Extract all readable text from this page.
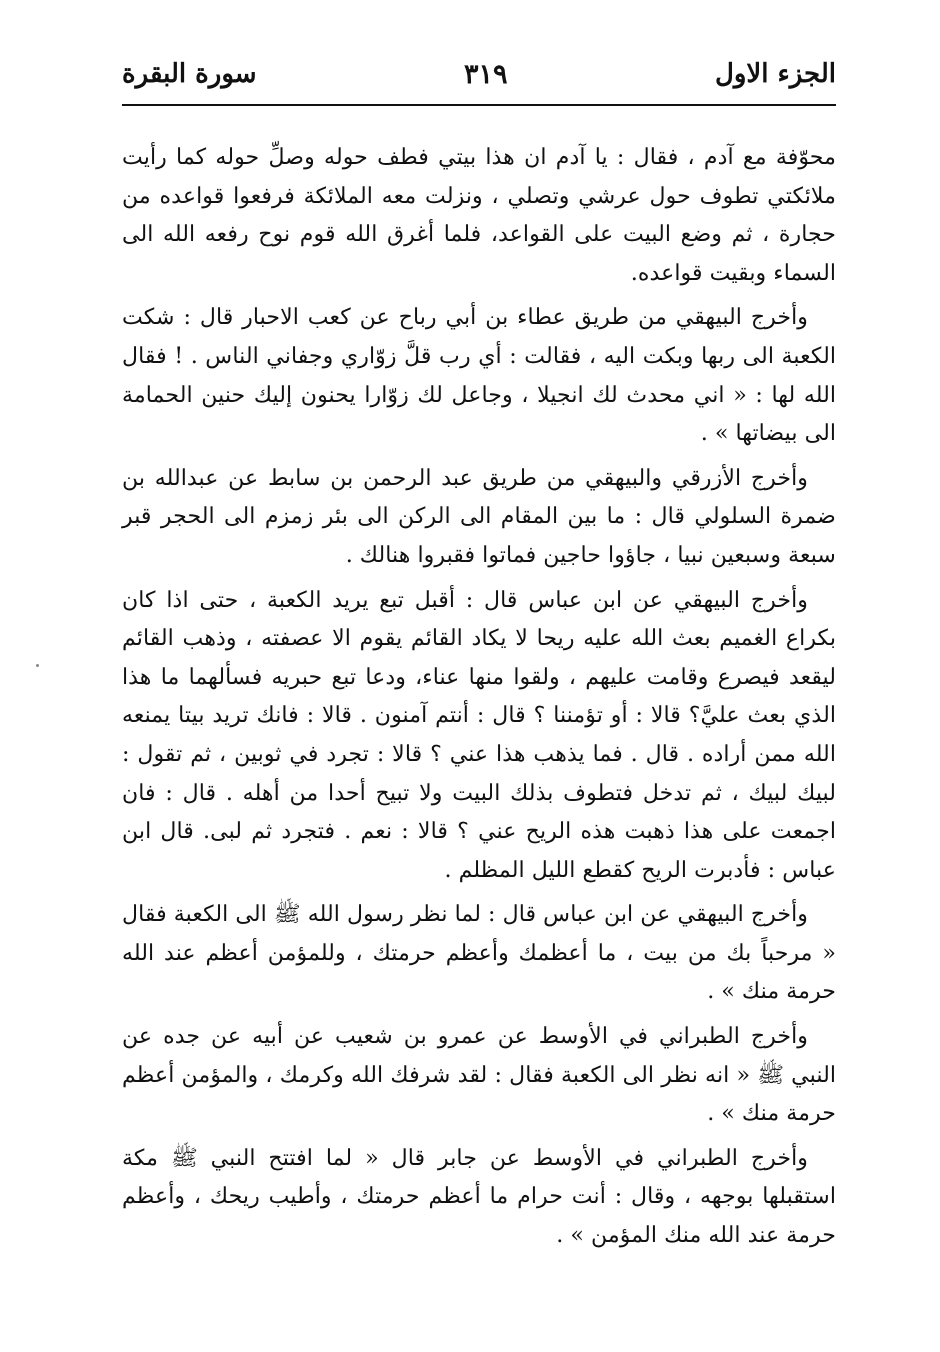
الجزء الاول
٣١٩
سورة البقرة

محوّفة مع آدم ، فقال : يا آدم ان هذا بيتي فطف حوله وصلِّ حوله كما رأيت ملائكتي تطوف حول عرشي وتصلي ، ونزلت معه الملائكة فرفعوا قواعده من حجارة ، ثم وضع البيت على القواعد، فلما أغرق الله قوم نوح رفعه الله الى السماء وبقيت قواعده.

وأخرج البيهقي من طريق عطاء بن أبي رباح عن كعب الاحبار قال : شكت الكعبة الى ربها وبكت اليه ، فقالت : أي رب قلَّ زوّاري وجفاني الناس . ! فقال الله لها : « اني محدث لك انجيلا ، وجاعل لك زوّارا يحنون إليك حنين الحمامة الى بيضاتها » .

وأخرج الأزرقي والبيهقي من طريق عبد الرحمن بن سابط عن عبدالله بن ضمرة السلولي قال : ما بين المقام الى الركن الى بئر زمزم الى الحجر قبر سبعة وسبعين نبيا ، جاؤوا حاجين فماتوا فقبروا هنالك .

وأخرج البيهقي عن ابن عباس قال : أقبل تبع يريد الكعبة ، حتى اذا كان بكراع الغميم بعث الله عليه ريحا لا يكاد القائم يقوم الا عصفته ، وذهب القائم ليقعد فيصرع وقامت عليهم ، ولقوا منها عناء، ودعا تبع حبريه فسألهما ما هذا الذي بعث عليَّ؟ قالا : أو تؤمننا ؟ قال : أنتم آمنون . قالا : فانك تريد بيتا يمنعه الله ممن أراده . قال . فما يذهب هذا عني ؟ قالا : تجرد في ثوبين ، ثم تقول : لبيك لبيك ، ثم تدخل فتطوف بذلك البيت ولا تبيح أحدا من أهله . قال : فان اجمعت على هذا ذهبت هذه الريح عني ؟ قالا : نعم . فتجرد ثم لبى. قال ابن عباس : فأدبرت الريح كقطع الليل المظلم .

وأخرج البيهقي عن ابن عباس قال : لما نظر رسول الله ﷺ الى الكعبة فقال « مرحباً بك من بيت ، ما أعظمك وأعظم حرمتك ، وللمؤمن أعظم عند الله حرمة منك » .

وأخرج الطبراني في الأوسط عن عمرو بن شعيب عن أبيه عن جده عن النبي ﷺ « انه نظر الى الكعبة فقال : لقد شرفك الله وكرمك ، والمؤمن أعظم حرمة منك » .

وأخرج الطبراني في الأوسط عن جابر قال « لما افتتح النبي ﷺ مكة استقبلها بوجهه ، وقال : أنت حرام ما أعظم حرمتك ، وأطيب ريحك ، وأعظم حرمة عند الله منك المؤمن » .
